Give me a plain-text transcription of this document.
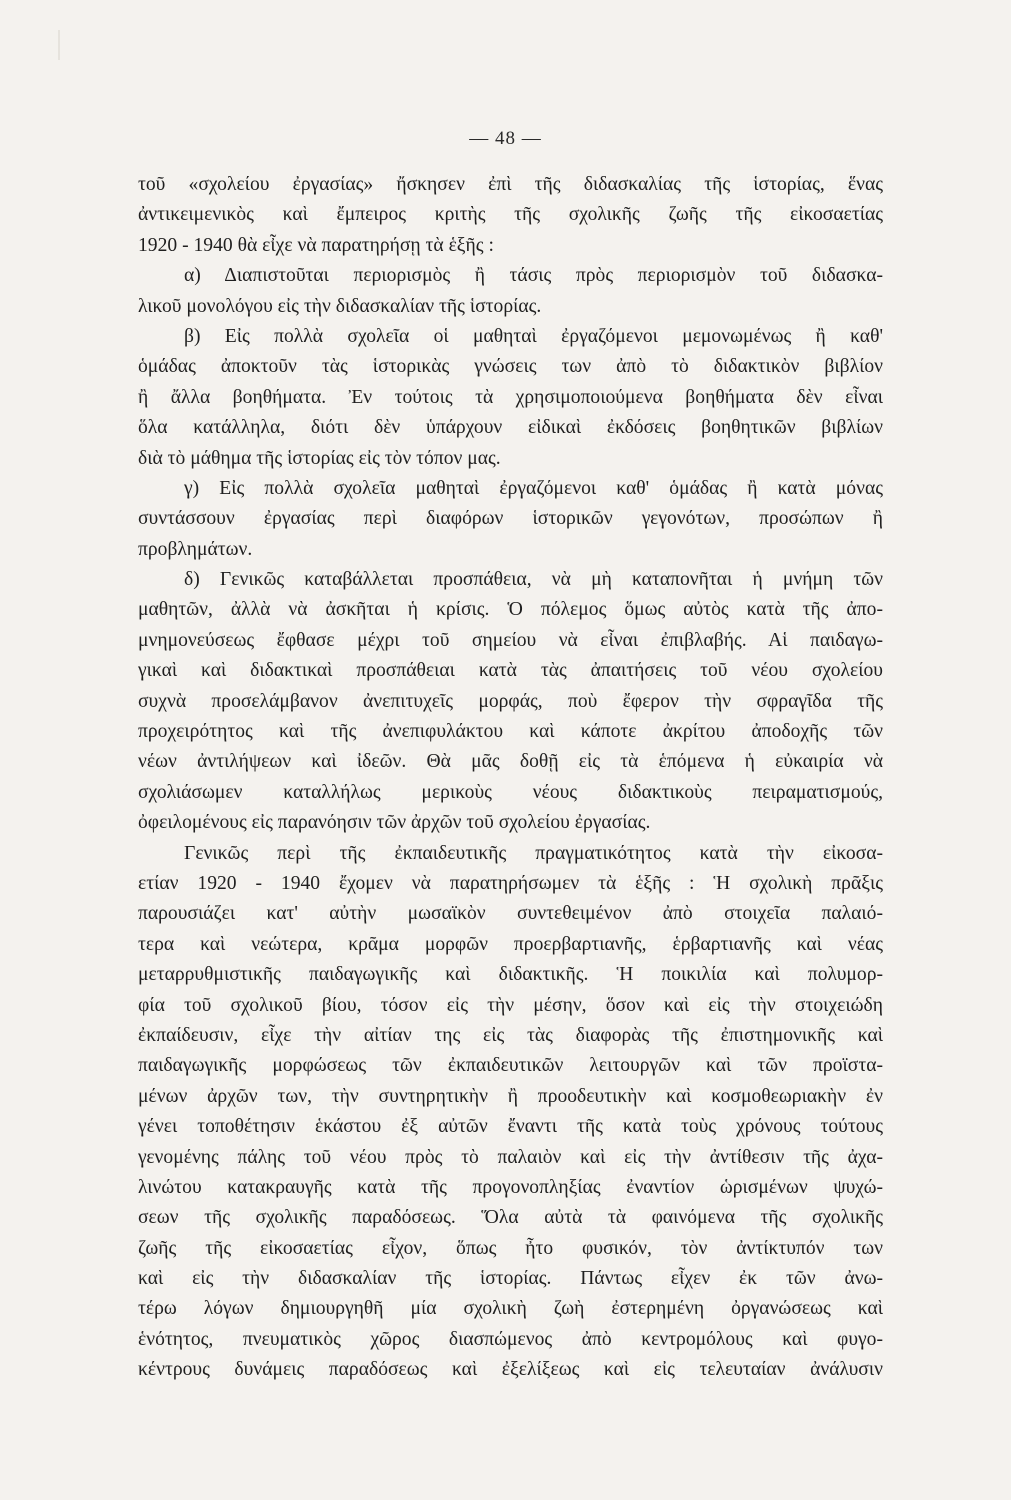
— 48 —
τοῦ «σχολείου ἐργασίας» ἤσκησεν ἐπὶ τῆς διδασκαλίας τῆς ἱστορίας, ἕνας
ἀντικειμενικὸς καὶ ἔμπειρος κριτὴς τῆς σχολικῆς ζωῆς τῆς εἰκοσαετίας
1920 - 1940 θὰ εἶχε νὰ παρατηρήσῃ τὰ ἑξῆς :
α) Διαπιστοῦται περιορισμὸς ἢ τάσις πρὸς περιορισμὸν τοῦ διδασκα-
λικοῦ μονολόγου εἰς τὴν διδασκαλίαν τῆς ἱστορίας.
β) Εἰς πολλὰ σχολεῖα οἱ μαθηταὶ ἐργαζόμενοι μεμονωμένως ἢ καθ'
ὁμάδας ἀποκτοῦν τὰς ἱστορικὰς γνώσεις των ἀπὸ τὸ διδακτικὸν βιβλίον
ἢ ἄλλα βοηθήματα. Ἐν τούτοις τὰ χρησιμοποιούμενα βοηθήματα δὲν εἶναι
ὅλα κατάλληλα, διότι δὲν ὑπάρχουν εἰδικαὶ ἐκδόσεις βοηθητικῶν βιβλίων
διὰ τὸ μάθημα τῆς ἱστορίας εἰς τὸν τόπον μας.
γ) Εἰς πολλὰ σχολεῖα μαθηταὶ ἐργαζόμενοι καθ' ὁμάδας ἢ κατὰ μόνας
συντάσσουν ἐργασίας περὶ διαφόρων ἱστορικῶν γεγονότων, προσώπων ἢ
προβλημάτων.
δ) Γενικῶς καταβάλλεται προσπάθεια, νὰ μὴ καταπονῆται ἡ μνήμη τῶν
μαθητῶν, ἀλλὰ νὰ ἀσκῆται ἡ κρίσις. Ὁ πόλεμος ὅμως αὐτὸς κατὰ τῆς ἀπο-
μνημονεύσεως ἔφθασε μέχρι τοῦ σημείου νὰ εἶναι ἐπιβλαβής. Αἱ παιδαγω-
γικαὶ καὶ διδακτικαὶ προσπάθειαι κατὰ τὰς ἀπαιτήσεις τοῦ νέου σχολείου
συχνὰ προσελάμβανον ἀνεπιτυχεῖς μορφάς, ποὺ ἔφερον τὴν σφραγῖδα τῆς
προχειρότητος καὶ τῆς ἀνεπιφυλάκτου καὶ κάποτε ἀκρίτου ἀποδοχῆς τῶν
νέων ἀντιλήψεων καὶ ἰδεῶν. Θὰ μᾶς δοθῇ εἰς τὰ ἑπόμενα ἡ εὐκαιρία νὰ
σχολιάσωμεν καταλλήλως μερικοὺς νέους διδακτικοὺς πειραματισμούς,
ὀφειλομένους εἰς παρανόησιν τῶν ἀρχῶν τοῦ σχολείου ἐργασίας.
Γενικῶς περὶ τῆς ἐκπαιδευτικῆς πραγματικότητος κατὰ τὴν εἰκοσα-
ετίαν 1920 - 1940 ἔχομεν νὰ παρατηρήσωμεν τὰ ἑξῆς : Ἡ σχολικὴ πρᾶξις
παρουσιάζει κατ' αὐτὴν μωσαϊκὸν συντεθειμένον ἀπὸ στοιχεῖα παλαιό-
τερα καὶ νεώτερα, κρᾶμα μορφῶν προερβαρτιανῆς, ἑρβαρτιανῆς καὶ νέας
μεταρρυθμιστικῆς παιδαγωγικῆς καὶ διδακτικῆς. Ἡ ποικιλία καὶ πολυμορ-
φία τοῦ σχολικοῦ βίου, τόσον εἰς τὴν μέσην, ὅσον καὶ εἰς τὴν στοιχειώδη
ἐκπαίδευσιν, εἶχε τὴν αἰτίαν της εἰς τὰς διαφορὰς τῆς ἐπιστημονικῆς καὶ
παιδαγωγικῆς μορφώσεως τῶν ἐκπαιδευτικῶν λειτουργῶν καὶ τῶν προϊστα-
μένων ἀρχῶν των, τὴν συντηρητικὴν ἢ προοδευτικὴν καὶ κοσμοθεωριακὴν ἐν
γένει τοποθέτησιν ἑκάστου ἐξ αὐτῶν ἔναντι τῆς κατὰ τοὺς χρόνους τούτους
γενομένης πάλης τοῦ νέου πρὸς τὸ παλαιὸν καὶ εἰς τὴν ἀντίθεσιν τῆς ἀχα-
λινώτου κατακραυγῆς κατὰ τῆς προγονοπληξίας ἐναντίον ὡρισμένων ψυχώ-
σεων τῆς σχολικῆς παραδόσεως. Ὅλα αὐτὰ τὰ φαινόμενα τῆς σχολικῆς
ζωῆς τῆς εἰκοσαετίας εἶχον, ὅπως ἦτο φυσικόν, τὸν ἀντίκτυπόν των
καὶ εἰς τὴν διδασκαλίαν τῆς ἱστορίας. Πάντως εἶχεν ἐκ τῶν ἀνω-
τέρω λόγων δημιουργηθῆ μία σχολικὴ ζωὴ ἐστερημένη ὀργανώσεως καὶ
ἑνότητος, πνευματικὸς χῶρος διασπώμενος ἀπὸ κεντρομόλους καὶ φυγο-
κέντρους δυνάμεις παραδόσεως καὶ ἐξελίξεως καὶ εἰς τελευταίαν ἀνάλυσιν
